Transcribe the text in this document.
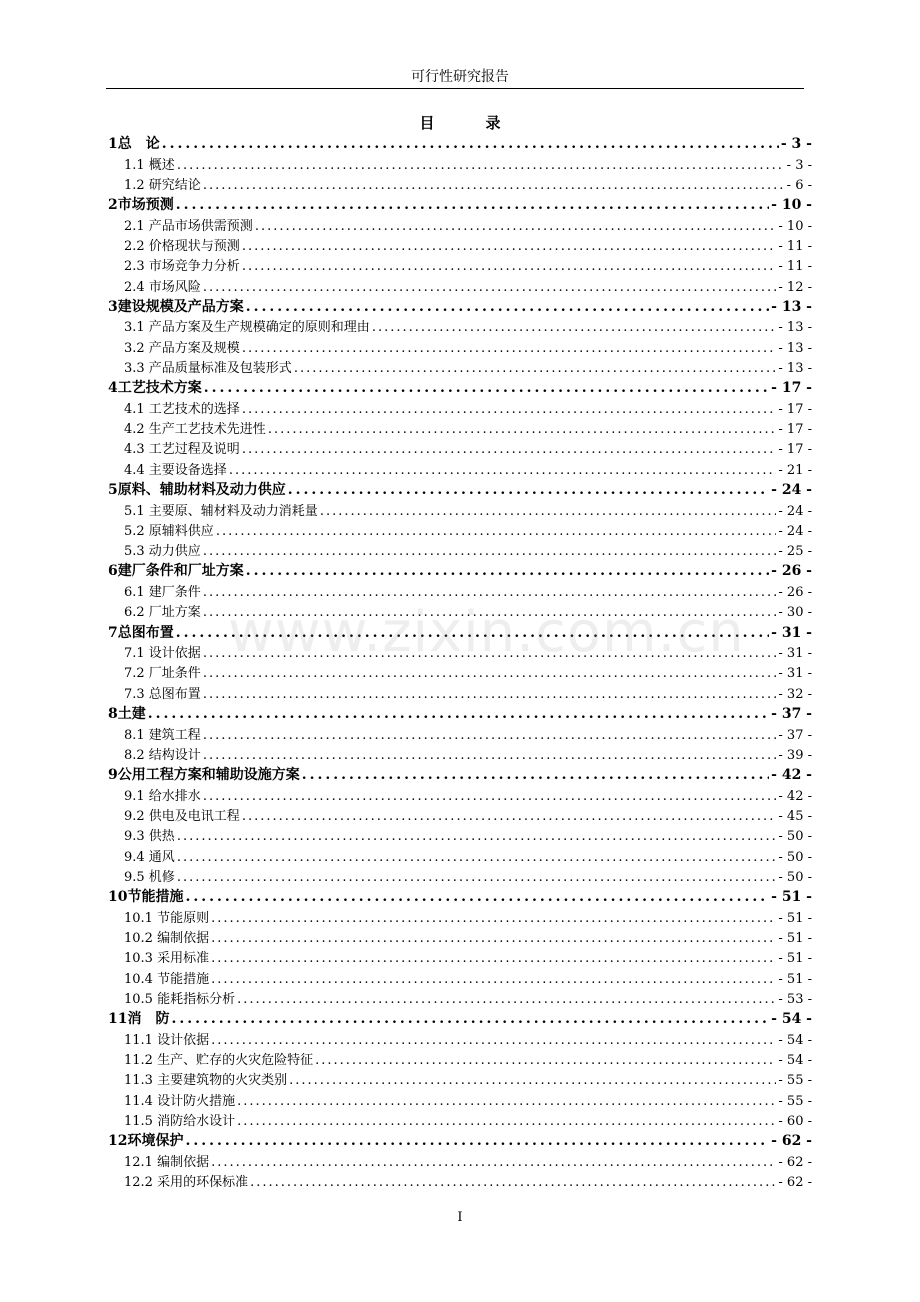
可行性研究报告
目　录
1 总　论 .....	- 3 -
1.1 概述 .....	- 3 -
1.2 研究结论 .....	- 6 -
2 市场预测 .....	- 10 -
2.1 产品市场供需预测 .....	- 10 -
2.2 价格现状与预测 .....	- 11 -
2.3 市场竞争力分析 .....	- 11 -
2.4 市场风险 .....	- 12 -
3 建设规模及产品方案 .....	- 13 -
3.1 产品方案及生产规模确定的原则和理由 .....	- 13 -
3.2 产品方案及规模 .....	- 13 -
3.3 产品质量标准及包装形式 .....	- 13 -
4 工艺技术方案 .....	- 17 -
4.1 工艺技术的选择 .....	- 17 -
4.2 生产工艺技术先进性 .....	- 17 -
4.3 工艺过程及说明 .....	- 17 -
4.4 主要设备选择 .....	- 21 -
5 原料、辅助材料及动力供应 .....	- 24 -
5.1 主要原、辅材料及动力消耗量 .....	- 24 -
5.2 原辅料供应 .....	- 24 -
5.3 动力供应 .....	- 25 -
6 建厂条件和厂址方案 .....	- 26 -
6.1 建厂条件 .....	- 26 -
6.2 厂址方案 .....	- 30 -
7 总图布置 .....	- 31 -
7.1 设计依据 .....	- 31 -
7.2 厂址条件 .....	- 31 -
7.3 总图布置 .....	- 32 -
8 土建 .....	- 37 -
8.1 建筑工程 .....	- 37 -
8.2 结构设计 .....	- 39 -
9 公用工程方案和辅助设施方案 .....	- 42 -
9.1 给水排水 .....	- 42 -
9.2 供电及电讯工程 .....	- 45 -
9.3 供热 .....	- 50 -
9.4 通风 .....	- 50 -
9.5 机修 .....	- 50 -
10 节能措施 .....	- 51 -
10.1 节能原则 .....	- 51 -
10.2 编制依据 .....	- 51 -
10.3 采用标准 .....	- 51 -
10.4 节能措施 .....	- 51 -
10.5 能耗指标分析 .....	- 53 -
11 消　防 .....	- 54 -
11.1 设计依据 .....	- 54 -
11.2 生产、贮存的火灾危险特征 .....	- 54 -
11.3 主要建筑物的火灾类别 .....	- 55 -
11.4 设计防火措施 .....	- 55 -
11.5 消防给水设计 .....	- 60 -
12 环境保护 .....	- 62 -
12.1 编制依据 .....	- 62 -
12.2 采用的环保标准 .....	- 62 -
www.zixin.com.cn
I
